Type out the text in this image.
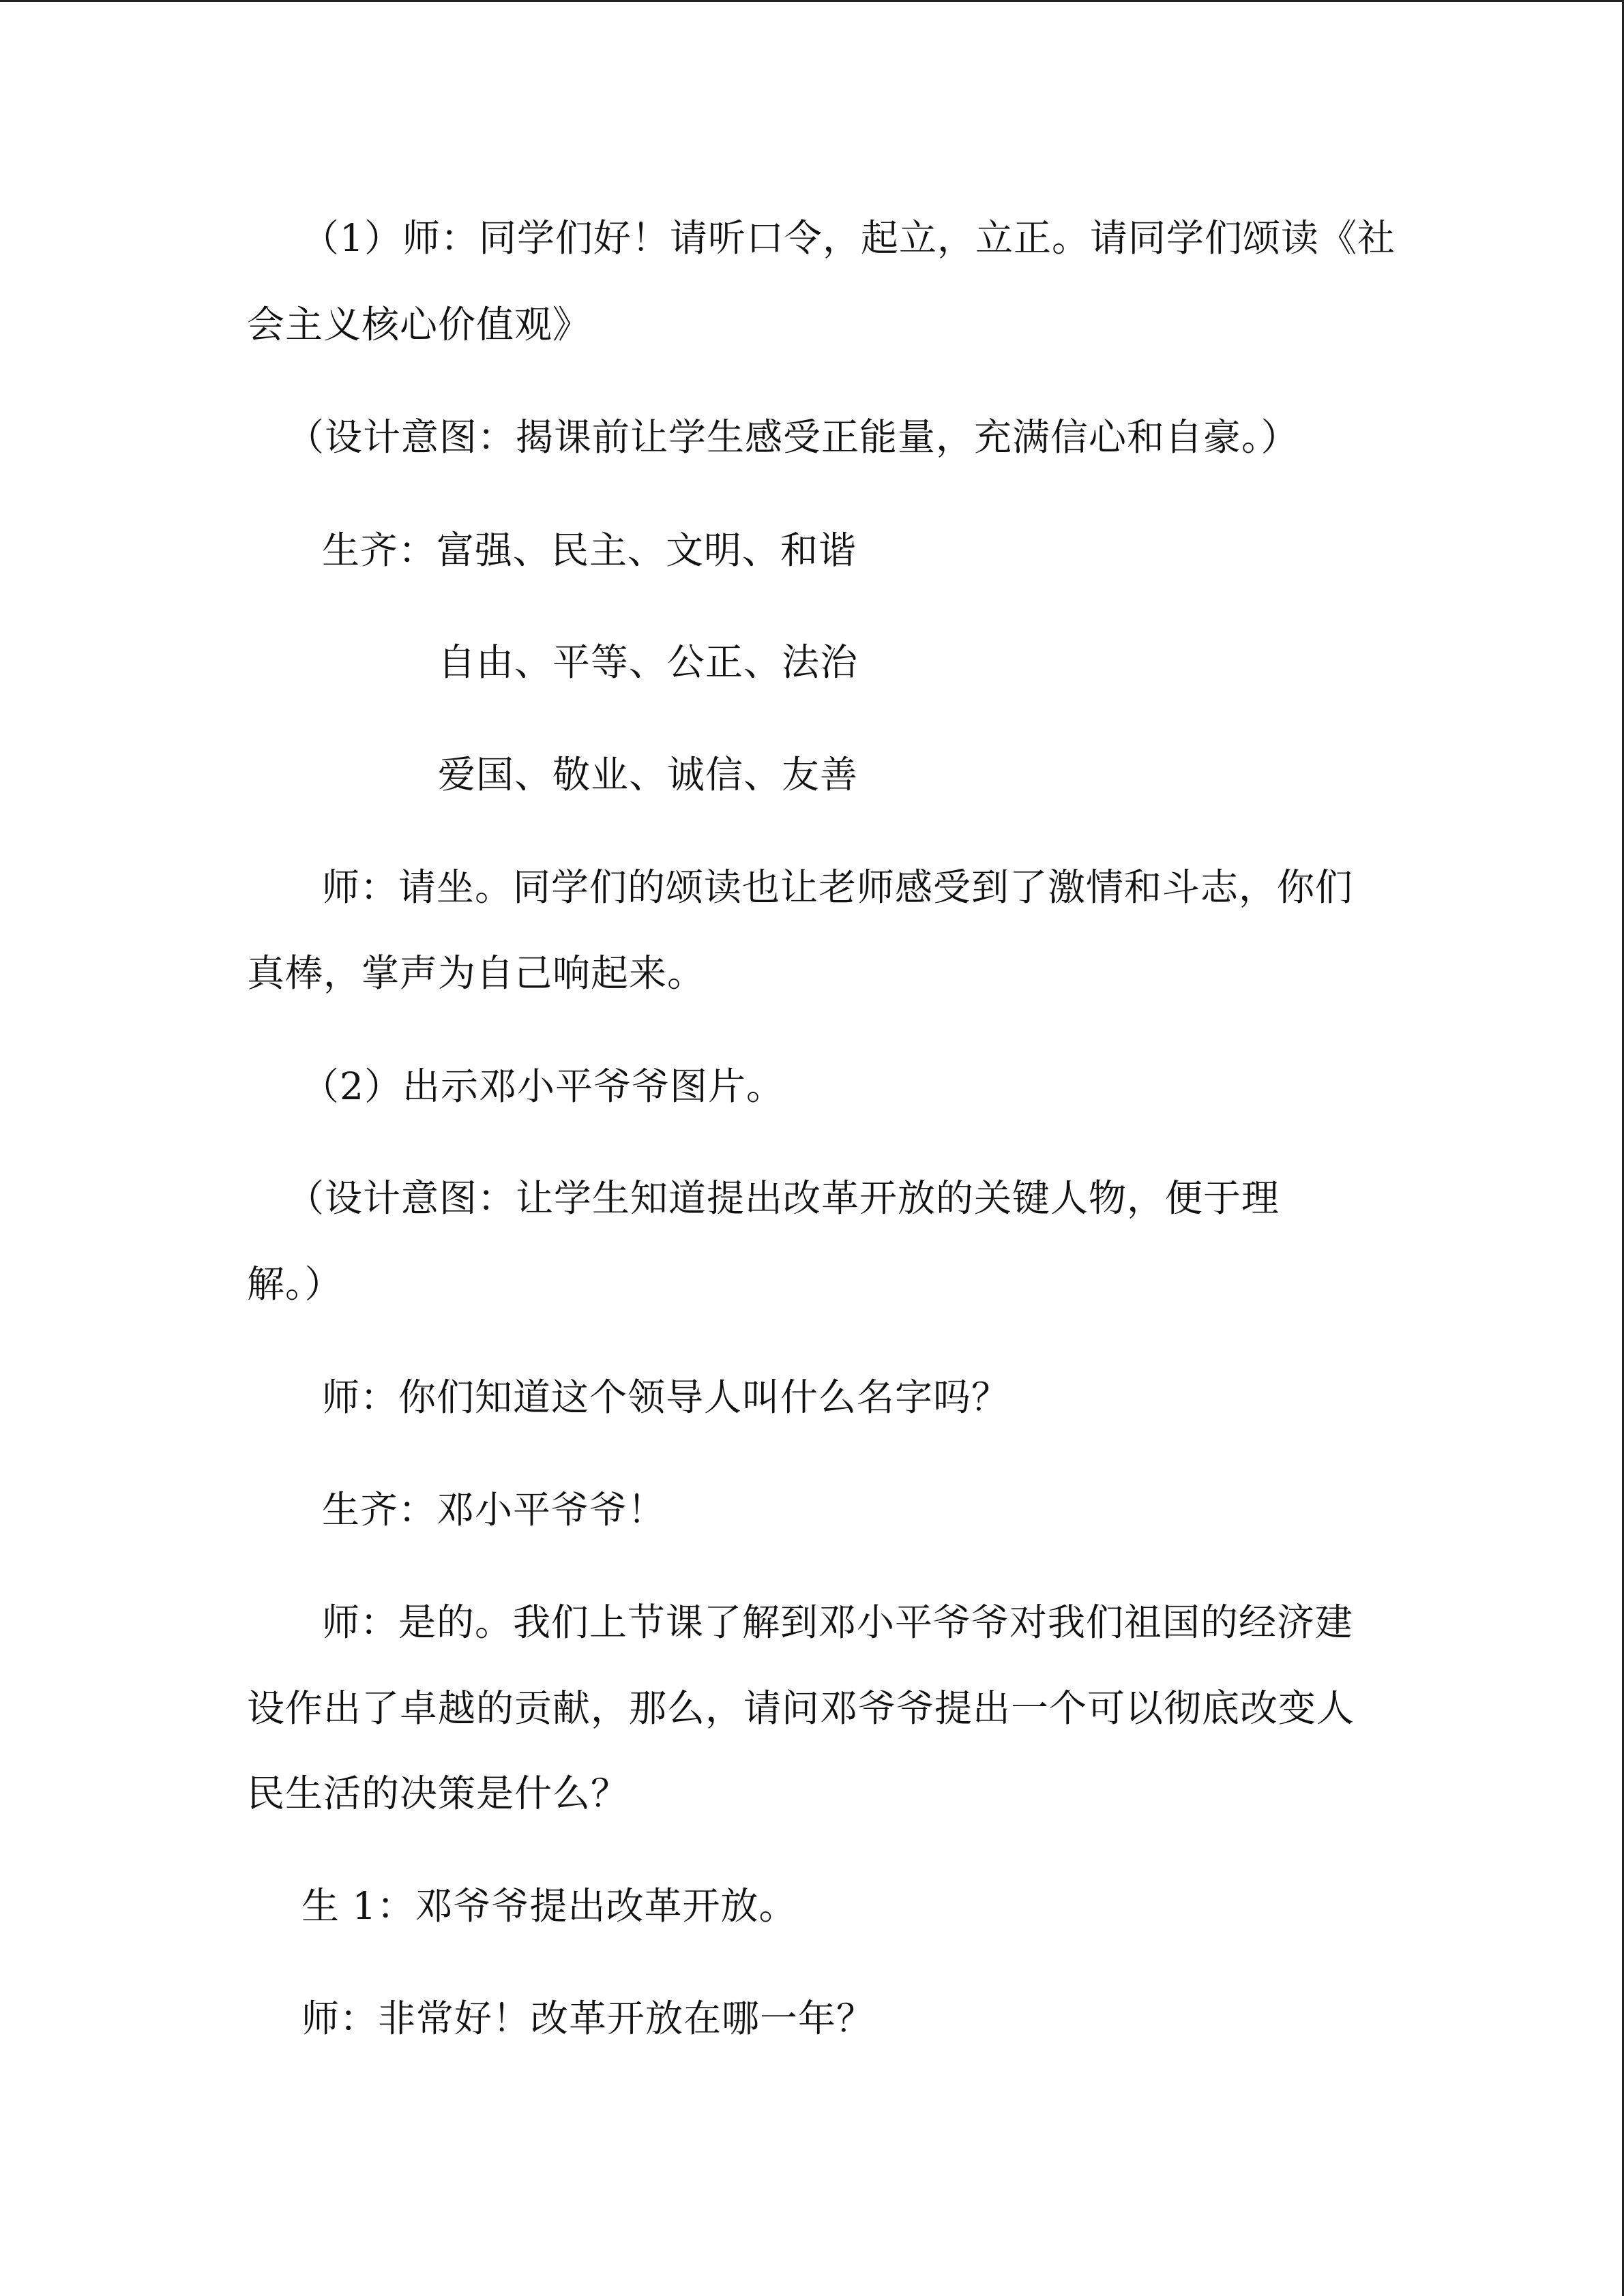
（1）师：同学们好！请听口令，起立，立正。请同学们颂读《社
会主义核心价值观》
（设计意图：揭课前让学生感受正能量，充满信心和自豪。）
生齐：富强、民主、文明、和谐
自由、平等、公正、法治
爱国、敬业、诚信、友善
师：请坐。同学们的颂读也让老师感受到了激情和斗志，你们
真棒，掌声为自己响起来。
（2）出示邓小平爷爷图片。
（设计意图：让学生知道提出改革开放的关键人物，便于理
解。）
师：你们知道这个领导人叫什么名字吗？
生齐：邓小平爷爷！
师：是的。我们上节课了解到邓小平爷爷对我们祖国的经济建
设作出了卓越的贡献，那么，请问邓爷爷提出一个可以彻底改变人
民生活的决策是什么？
生 1：邓爷爷提出改革开放。
师：非常好！改革开放在哪一年？
